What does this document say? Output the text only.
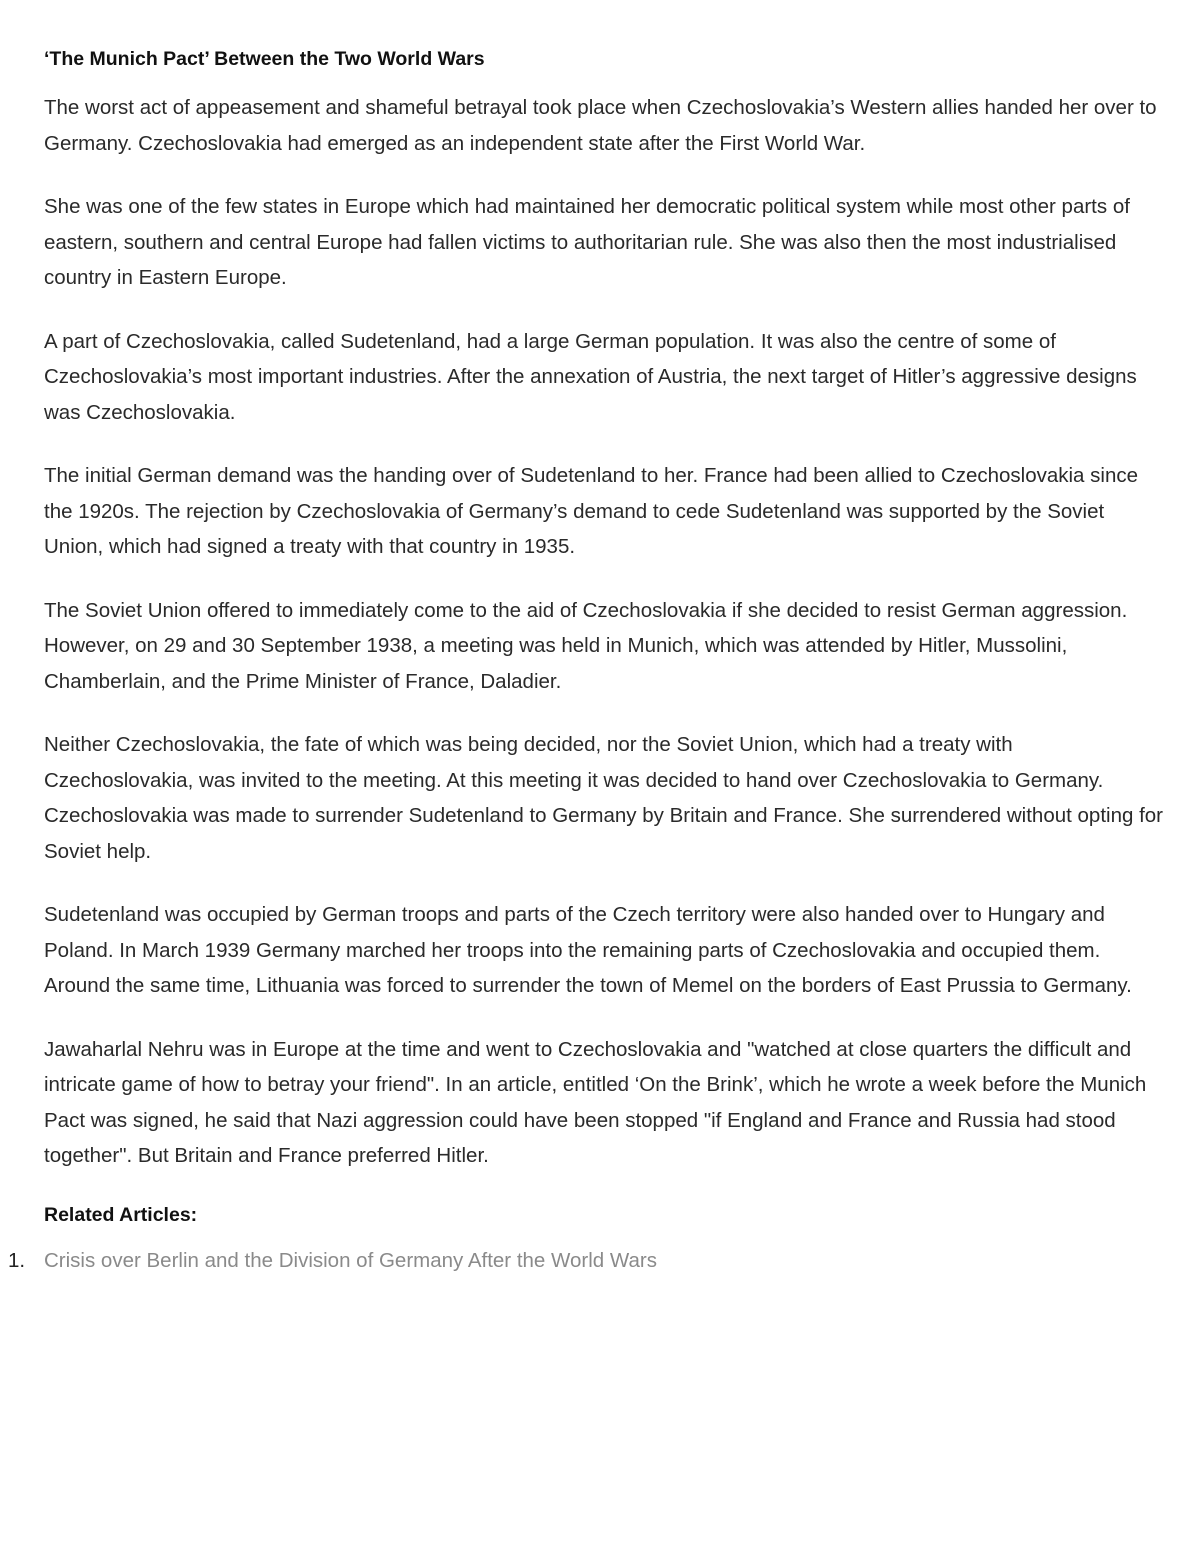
‘The Munich Pact’ Between the Two World Wars

The worst act of appeasement and shameful betrayal took place when Czechoslovakia’s Western allies handed her over to Germany. Czechoslovakia had emerged as an independent state after the First World War.

She was one of the few states in Europe which had maintained her democratic political system while most other parts of eastern, southern and central Europe had fallen victims to authoritarian rule. She was also then the most industrialised country in Eastern Europe.

A part of Czechoslovakia, called Sudetenland, had a large German population. It was also the centre of some of Czechoslovakia’s most important industries. After the annexation of Austria, the next target of Hitler’s aggressive designs was Czechoslovakia.

The initial German demand was the handing over of Sudetenland to her. France had been allied to Czechoslovakia since the 1920s. The rejection by Czechoslovakia of Germany’s demand to cede Sudetenland was supported by the Soviet Union, which had signed a treaty with that country in 1935.

The Soviet Union offered to immediately come to the aid of Czechoslovakia if she decided to resist German aggression. However, on 29 and 30 September 1938, a meeting was held in Munich, which was attended by Hitler, Mussolini, Chamberlain, and the Prime Minister of France, Daladier.

Neither Czechoslovakia, the fate of which was being decided, nor the Soviet Union, which had a treaty with Czechoslovakia, was invited to the meeting. At this meeting it was decided to hand over Czechoslovakia to Germany. Czechoslovakia was made to surrender Sudetenland to Germany by Britain and France. She surrendered without opting for Soviet help.

Sudetenland was occupied by German troops and parts of the Czech territory were also handed over to Hungary and Poland. In March 1939 Germany marched her troops into the remaining parts of Czechoslovakia and occupied them. Around the same time, Lithuania was forced to surrender the town of Memel on the borders of East Prussia to Germany.

Jawaharlal Nehru was in Europe at the time and went to Czechoslovakia and "watched at close quarters the difficult and intricate game of how to betray your friend". In an article, entitled ‘On the Brink’, which he wrote a week before the Munich Pact was signed, he said that Nazi aggression could have been stopped "if England and France and Russia had stood together". But Britain and France preferred Hitler.

Related Articles:
1. Crisis over Berlin and the Division of Germany After the World Wars
